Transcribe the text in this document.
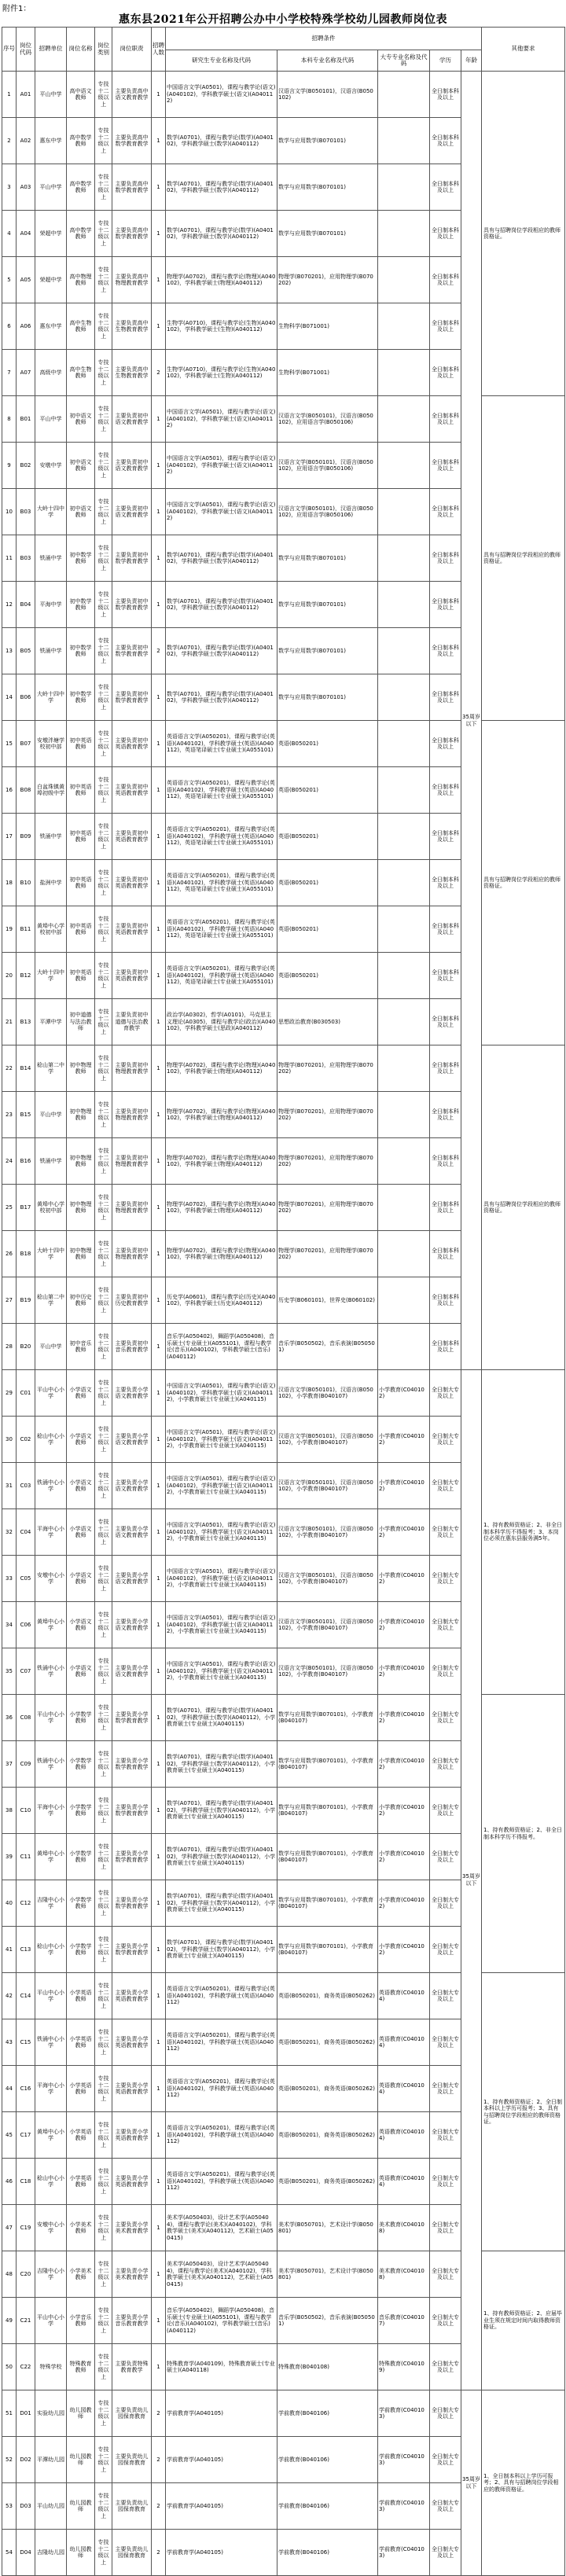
附件1：
惠东县2021年公开招聘公办中小学校特殊学校幼儿园教师岗位表
序号	岗位代码	招聘单位	岗位名称	岗位类别	岗位职责	招聘人数	招聘条件					其他要求
							研究生专业名称及代码	本科专业名称及代码	大专专业名称及代码	学历	年龄	
1	A01	平山中学	高中语文教师	专技十二级以上	主要负责高中语文教育教学	1	中国语言文学(A0501)，课程与教学论(语文)(A040102)，学科教学硕士(语文)(A040112)	汉语言文学(B050101)，汉语言(B050102)		全日制本科及以上	35周岁以下	具有与招聘岗位学段相应的教师资格证。
2	A02	惠东中学	高中数学教师	专技十二级以上	主要负责高中数学教育教学	1	数学(A0701)，课程与教学论(数学)(A040102)，学科教学硕士(数学)(A040112)	数学与应用数学(B070101)		全日制本科及以上		
3	A03	平山中学	高中数学教师	专技十二级以上	主要负责高中数学教育教学	1	数学(A0701)，课程与教学论(数学)(A040102)，学科教学硕士(数学)(A040112)	数学与应用数学(B070101)		全日制本科及以上		
4	A04	荣超中学	高中数学教师	专技十二级以上	主要负责高中数学教育教学	1	数学(A0701)，课程与教学论(数学)(A040102)，学科教学硕士(数学)(A040112)	数学与应用数学(B070101)		全日制本科及以上		
5	A05	荣超中学	高中物理教师	专技十二级以上	主要负责高中物理教育教学	1	物理学(A0702)，课程与教学论(物理)(A040102)，学科教学硕士(物理)(A040112)	物理学(B070201)，应用物理学(B070202)		全日制本科及以上		
6	A06	惠东中学	高中生物教师	专技十二级以上	主要负责高中生物教育教学	1	生物学(A0710)，课程与教学论(生物)(A040102)，学科教学硕士(生物)(A040112)	生物科学(B071001)		全日制本科及以上		
7	A07	高级中学	高中生物教师	专技十二级以上	主要负责高中生物教育教学	2	生物学(A0710)，课程与教学论(生物)(A040102)，学科教学硕士(生物)(A040112)	生物科学(B071001)		全日制本科及以上		
8	B01	平山中学	初中语文教师	专技十二级以上	主要负责初中语文教育教学	1	中国语言文学(A0501)，课程与教学论(语文)(A040102)，学科教学硕士(语文)(A040112)	汉语言文学(B050101)，汉语言(B050102)，应用语言学(B050106)		全日制本科及以上		具有与招聘岗位学段相应的教师资格证。
9	B02	安墩中学	初中语文教师	专技十二级以上	主要负责初中语文教育教学	1	中国语言文学(A0501)，课程与教学论(语文)(A040102)，学科教学硕士(语文)(A040112)	汉语言文学(B050101)，汉语言(B050102)，应用语言学(B050106)		全日制本科及以上		
10	B03	大岭十四中学	初中语文教师	专技十二级以上	主要负责初中语文教育教学	1	中国语言文学(A0501)，课程与教学论(语文)(A040102)，学科教学硕士(语文)(A040112)	汉语言文学(B050101)，汉语言(B050102)，应用语言学(B050106)		全日制本科及以上		
11	B03	铁涌中学	初中数学教师	专技十二级以上	主要负责初中数学教育教学	1	数学(A0701)，课程与教学论(数学)(A040102)，学科教学硕士(数学)(A040112)	数学与应用数学(B070101)		全日制本科及以上		
12	B04	平海中学	初中数学教师	专技十二级以上	主要负责初中数学教育教学	1	数学(A0701)，课程与教学论(数学)(A040102)，学科教学硕士(数学)(A040112)	数学与应用数学(B070101)		全日制本科及以上		
13	B05	铁涌中学	初中数学教师	专技十二级以上	主要负责初中数学教育教学	2	数学(A0701)，课程与教学论(数学)(A040102)，学科教学硕士(数学)(A040112)	数学与应用数学(B070101)		全日制本科及以上		
14	B06	大岭十四中学	初中数学教师	专技十二级以上	主要负责初中数学教育教学	1	数学(A0701)，课程与教学论(数学)(A040102)，学科教学硕士(数学)(A040112)	数学与应用数学(B070101)		全日制本科及以上		
15	B07	安墩泮塘学校初中部	初中英语教师	专技十二级以上	主要负责初中英语教育教学	1	英语语言文学(A050201)，课程与教学论(英语)(A040102)，学科教学硕士(英语)(A040112)，英语笔译硕士(专业硕士)(A055101)	英语(B050201)		全日制本科及以上		具有与招聘岗位学段相应的教师资格证。
16	B08	白盆珠镇黄埠初级中学	初中英语教师	专技十二级以上	主要负责初中英语教育教学	1	英语语言文学(A050201)，课程与教学论(英语)(A040102)，学科教学硕士(英语)(A040112)，英语笔译硕士(专业硕士)(A055101)	英语(B050201)		全日制本科及以上		
17	B09	铁涌中学	初中英语教师	专技十二级以上	主要负责初中英语教育教学	1	英语语言文学(A050201)，课程与教学论(英语)(A040102)，学科教学硕士(英语)(A040112)，英语笔译硕士(专业硕士)(A055101)	英语(B050201)		全日制本科及以上		
18	B10	盐洲中学	初中英语教师	专技十二级以上	主要负责初中英语教育教学	1	英语语言文学(A050201)，课程与教学论(英语)(A040102)，学科教学硕士(英语)(A040112)，英语笔译硕士(专业硕士)(A055101)	英语(B050201)		全日制本科及以上		
19	B11	黄埠中心学校初中部	初中英语教师	专技十二级以上	主要负责初中英语教育教学	1	英语语言文学(A050201)，课程与教学论(英语)(A040102)，学科教学硕士(英语)(A040112)，英语笔译硕士(专业硕士)(A055101)	英语(B050201)		全日制本科及以上		
20	B12	大岭十四中学	初中英语教师	专技十二级以上	主要负责初中英语教育教学	1	英语语言文学(A050201)，课程与教学论(英语)(A040102)，学科教学硕士(英语)(A040112)，英语笔译硕士(专业硕士)(A055101)	英语(B050201)		全日制本科及以上		
21	B13	平潭中学	初中道德与法治教师	专技十二级以上	主要负责初中道德与法治教育教学	1	政治学(A0302)，哲学(A0101)，马克思主义理论(A0305)，课程与教学论(政治)(A040102)，学科教学硕士(思政)(A040112)	思想政治教育(B030503)		全日制本科及以上		
22	B14	稔山第二中学	初中物理教师	专技十二级以上	主要负责初中物理教育教学	1	物理学(A0702)，课程与教学论(物理)(A040102)，学科教学硕士(物理)(A040112)	物理学(B070201)，应用物理学(B070202)		全日制本科及以上		具有与招聘岗位学段相应的教师资格证。
23	B15	平山中学	初中物理教师	专技十二级以上	主要负责初中物理教育教学	1	物理学(A0702)，课程与教学论(物理)(A040102)，学科教学硕士(物理)(A040112)	物理学(B070201)，应用物理学(B070202)		全日制本科及以上		
24	B16	铁涌中学	初中物理教师	专技十二级以上	主要负责初中物理教育教学	1	物理学(A0702)，课程与教学论(物理)(A040102)，学科教学硕士(物理)(A040112)	物理学(B070201)，应用物理学(B070202)		全日制本科及以上		
25	B17	黄埠中心学校初中部	初中物理教师	专技十二级以上	主要负责初中物理教育教学	1	物理学(A0702)，课程与教学论(物理)(A040102)，学科教学硕士(物理)(A040112)	物理学(B070201)，应用物理学(B070202)		全日制本科及以上		
26	B18	大岭十四中学	初中物理教师	专技十二级以上	主要负责初中物理教育教学	1	物理学(A0702)，课程与教学论(物理)(A040102)，学科教学硕士(物理)(A040112)	物理学(B070201)，应用物理学(B070202)		全日制本科及以上		
27	B19	稔山第二中学	初中历史教师	专技十二级以上	主要负责初中历史教育教学	1	历史学(A0601)，课程与教学论(历史)(A040102)，学科教学硕士(历史)(A040112)	历史学(B060101)，世界史(B060102)		全日制本科及以上		
28	B20	平山中学	初中音乐教师	专技十二级以上	主要负责初中音乐教育教学	1	音乐学(A050402)，舞蹈学(A050408)，音乐硕士(专业硕士)(A055101)，课程与教学论(音乐)(A040102)，学科教学硕士(音乐)(A040112)	音乐学(B050502)，音乐表演(B050501)		全日制本科及以上		
29	C01	平山中心小学	小学语文教师	专技十二级以上	主要负责小学语文教育教学	1	中国语言文学(A0501)，课程与教学论(语文)(A040102)，学科教学硕士(语文)(A040112)，小学教育硕士(专业硕士)(A040115)	汉语言文学(B050101)，汉语言(B050102)，小学教育(B040107)	小学教育(C040102)	全日制大专及以上	35周岁以下	1、持有教师资格证；2、非全日制本科学历不得报考；3、本岗位必须在惠东县服务满5年。
30	C02	稔山中心小学	小学语文教师	专技十二级以上	主要负责小学语文教育教学	1	中国语言文学(A0501)，课程与教学论(语文)(A040102)，学科教学硕士(语文)(A040112)，小学教育硕士(专业硕士)(A040115)	汉语言文学(B050101)，汉语言(B050102)，小学教育(B040107)	小学教育(C040102)	全日制大专及以上		
31	C03	铁涌中心小学	小学语文教师	专技十二级以上	主要负责小学语文教育教学	1	中国语言文学(A0501)，课程与教学论(语文)(A040102)，学科教学硕士(语文)(A040112)，小学教育硕士(专业硕士)(A040115)	汉语言文学(B050101)，汉语言(B050102)，小学教育(B040107)	小学教育(C040102)	全日制大专及以上		
32	C04	平海中心小学	小学语文教师	专技十二级以上	主要负责小学语文教育教学	1	中国语言文学(A0501)，课程与教学论(语文)(A040102)，学科教学硕士(语文)(A040112)，小学教育硕士(专业硕士)(A040115)	汉语言文学(B050101)，汉语言(B050102)，小学教育(B040107)	小学教育(C040102)	全日制大专及以上		
33	C05	安墩中心小学	小学语文教师	专技十二级以上	主要负责小学语文教育教学	1	中国语言文学(A0501)，课程与教学论(语文)(A040102)，学科教学硕士(语文)(A040112)，小学教育硕士(专业硕士)(A040115)	汉语言文学(B050101)，汉语言(B050102)，小学教育(B040107)	小学教育(C040102)	全日制大专及以上		
34	C06	黄埠中心小学	小学语文教师	专技十二级以上	主要负责小学语文教育教学	1	中国语言文学(A0501)，课程与教学论(语文)(A040102)，学科教学硕士(语文)(A040112)，小学教育硕士(专业硕士)(A040115)	汉语言文学(B050101)，汉语言(B050102)，小学教育(B040107)	小学教育(C040102)	全日制大专及以上		
35	C07	铁涌中心小学	小学语文教师	专技十二级以上	主要负责小学语文教育教学	1	中国语言文学(A0501)，课程与教学论(语文)(A040102)，学科教学硕士(语文)(A040112)，小学教育硕士(专业硕士)(A040115)	汉语言文学(B050101)，汉语言(B050102)，小学教育(B040107)	小学教育(C040102)	全日制大专及以上		
36	C08	平山中心小学	小学数学教师	专技十二级以上	主要负责小学数学教育教学	1	数学(A0701)，课程与教学论(数学)(A040102)，学科教学硕士(数学)(A040112)，小学教育硕士(专业硕士)(A040115)	数学与应用数学(B070101)，小学教育(B040107)	小学教育(C040102)	全日制大专及以上		1、持有教师资格证；2、非全日制本科学历不得报考。
37	C09	铁涌中心小学	小学数学教师	专技十二级以上	主要负责小学数学教育教学	1	数学(A0701)，课程与教学论(数学)(A040102)，学科教学硕士(数学)(A040112)，小学教育硕士(专业硕士)(A040115)	数学与应用数学(B070101)，小学教育(B040107)	小学教育(C040102)	全日制大专及以上		
38	C10	平海中心小学	小学数学教师	专技十二级以上	主要负责小学数学教育教学	1	数学(A0701)，课程与教学论(数学)(A040102)，学科教学硕士(数学)(A040112)，小学教育硕士(专业硕士)(A040115)	数学与应用数学(B070101)，小学教育(B040107)	小学教育(C040102)	全日制大专及以上		
39	C11	黄埠中心小学	小学数学教师	专技十二级以上	主要负责小学数学教育教学	1	数学(A0701)，课程与教学论(数学)(A040102)，学科教学硕士(数学)(A040112)，小学教育硕士(专业硕士)(A040115)	数学与应用数学(B070101)，小学教育(B040107)	小学教育(C040102)	全日制大专及以上		
40	C12	吉隆中心小学	小学数学教师	专技十二级以上	主要负责小学数学教育教学	1	数学(A0701)，课程与教学论(数学)(A040102)，学科教学硕士(数学)(A040112)，小学教育硕士(专业硕士)(A040115)	数学与应用数学(B070101)，小学教育(B040107)	小学教育(C040102)	全日制大专及以上		
41	C13	稔山中心小学	小学数学教师	专技十二级以上	主要负责小学数学教育教学	1	数学(A0701)，课程与教学论(数学)(A040102)，学科教学硕士(数学)(A040112)，小学教育硕士(专业硕士)(A040115)	数学与应用数学(B070101)，小学教育(B040107)	小学教育(C040102)	全日制大专及以上		
42	C14	平山中心小学	小学英语教师	专技十二级以上	主要负责小学英语教育教学	1	英语语言文学(A050201)，课程与教学论(英语)(A040102)，学科教学硕士(英语)(A040112)	英语(B050201)，商务英语(B050262)	英语教育(C040104)	全日制大专及以上		1、持有教师资格证；2、全日制本科以上学历可报考；3、具有与招聘岗位学段相应的教师资格证。
43	C15	铁涌中心小学	小学英语教师	专技十二级以上	主要负责小学英语教育教学	1	英语语言文学(A050201)，课程与教学论(英语)(A040102)，学科教学硕士(英语)(A040112)	英语(B050201)，商务英语(B050262)	英语教育(C040104)	全日制大专及以上		
44	C16	平海中心小学	小学英语教师	专技十二级以上	主要负责小学英语教育教学	1	英语语言文学(A050201)，课程与教学论(英语)(A040102)，学科教学硕士(英语)(A040112)	英语(B050201)，商务英语(B050262)	英语教育(C040104)	全日制大专及以上		
45	C17	黄埠中心小学	小学英语教师	专技十二级以上	主要负责小学英语教育教学	1	英语语言文学(A050201)，课程与教学论(英语)(A040102)，学科教学硕士(英语)(A040112)	英语(B050201)，商务英语(B050262)	英语教育(C040104)	全日制大专及以上		
46	C18	稔山中心小学	小学英语教师	专技十二级以上	主要负责小学英语教育教学	1	英语语言文学(A050201)，课程与教学论(英语)(A040102)，学科教学硕士(英语)(A040112)	英语(B050201)，商务英语(B050262)	英语教育(C040104)	全日制大专及以上		
47	C19	安墩中心小学	小学美术教师	专技十二级以上	主要负责小学美术教育教学	1	美术学(A050403)，设计艺术学(A050404)，课程与教学论(美术)(A040102)，学科教学硕士(美术)(A040112)，艺术硕士(A050415)	美术学(B050701)，艺术设计学(B050801)	美术教育(C040108)	全日制大专及以上		
48	C20	吉隆中心小学	小学美术教师	专技十二级以上	主要负责小学美术教育教学	1	美术学(A050403)，设计艺术学(A050404)，课程与教学论(美术)(A040102)，学科教学硕士(美术)(A040112)，艺术硕士(A050415)	美术学(B050701)，艺术设计学(B050801)	美术教育(C040108)	全日制大专及以上		1、持有教师资格证；2、应届毕业生须在规定时间内取得教师资格证。
49	C21	平山中心小学	小学音乐教师	专技十二级以上	主要负责小学音乐教育教学	1	音乐学(A050402)，舞蹈学(A050408)，音乐硕士(专业硕士)(A055101)，课程与教学论(音乐)(A040102)，学科教学硕士(音乐)(A040112)	音乐学(B050502)，音乐表演(B050501)	音乐教育(C040107)	全日制大专及以上		
50	C22	特殊学校	特殊教育教师	专技十二级以上	主要负责特殊教育教学	1	特殊教育学(A040109)，特殊教育硕士(专业硕士)(A040118)	特殊教育(B040108)	特殊教育(C040109)	全日制大专及以上		
51	D01	实验幼儿园	幼儿园教师	专技十二级以上	主要负责幼儿园保育教育	2	学前教育学(A040105)	学前教育(B040106)	学前教育(C040103)	全日制大专及以上	35周岁以下	1、全日制本科以上学历可报考；2、具有与招聘岗位学段相应的教师资格证。
52	D02	平潭幼儿园	幼儿园教师	专技十二级以上	主要负责幼儿园保育教育	2	学前教育学(A040105)	学前教育(B040106)	学前教育(C040103)	全日制大专及以上		
53	D03	平山幼儿园	幼儿园教师	专技十二级以上	主要负责幼儿园保育教育	2	学前教育学(A040105)	学前教育(B040106)	学前教育(C040103)	全日制大专及以上		
54	D04	吉隆幼儿园	幼儿园教师	专技十二级以上	主要负责幼儿园保育教育	2	学前教育学(A040105)	学前教育(B040106)	学前教育(C040103)	全日制大专及以上		
